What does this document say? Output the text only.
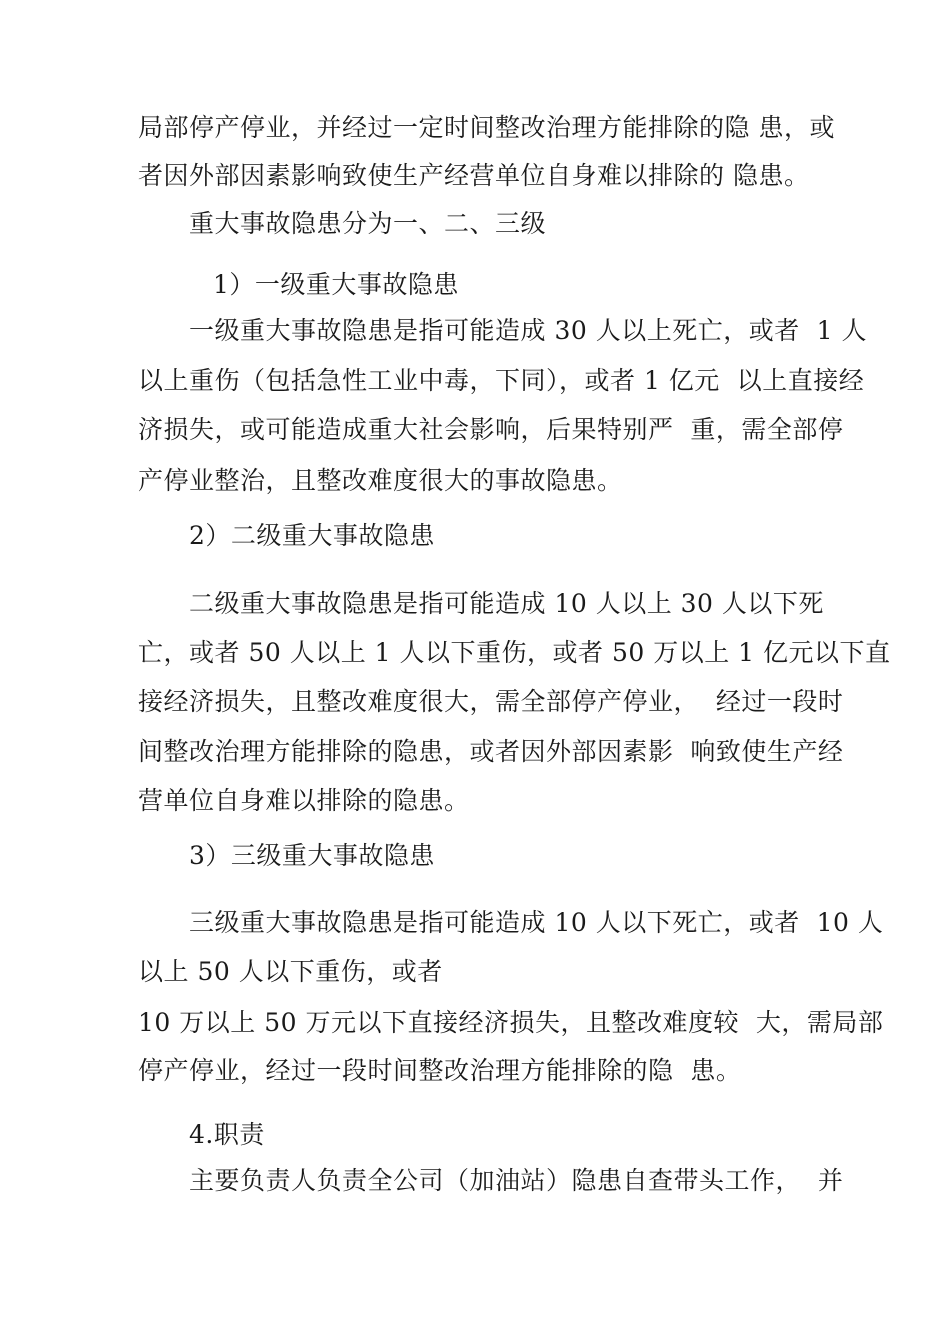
局部停产停业，并经过一定时间整改治理方能排除的隐 患，或
者因外部因素影响致使生产经营单位自身难以排除的 隐患。
重大事故隐患分为一、二、三级
1）一级重大事故隐患
一级重大事故隐患是指可能造成 30 人以上死亡，或者  1 人
以上重伤（包括急性工业中毒，下同），或者 1 亿元  以上直接经
济损失，或可能造成重大社会影响，后果特别严  重，需全部停
产停业整治，且整改难度很大的事故隐患。
2）二级重大事故隐患
二级重大事故隐患是指可能造成 10 人以上 30 人以下死
亡，或者 50 人以上 1 人以下重伤，或者 50 万以上 1 亿元以下直
接经济损失，且整改难度很大，需全部停产停业，  经过一段时
间整改治理方能排除的隐患，或者因外部因素影  响致使生产经
营单位自身难以排除的隐患。
3）三级重大事故隐患
三级重大事故隐患是指可能造成 10 人以下死亡，或者  10 人
以上 50 人以下重伤，或者
10 万以上 50 万元以下直接经济损失，且整改难度较  大，需局部
停产停业，经过一段时间整改治理方能排除的隐  患。
4.职责
主要负责人负责全公司（加油站）隐患自查带头工作，  并
